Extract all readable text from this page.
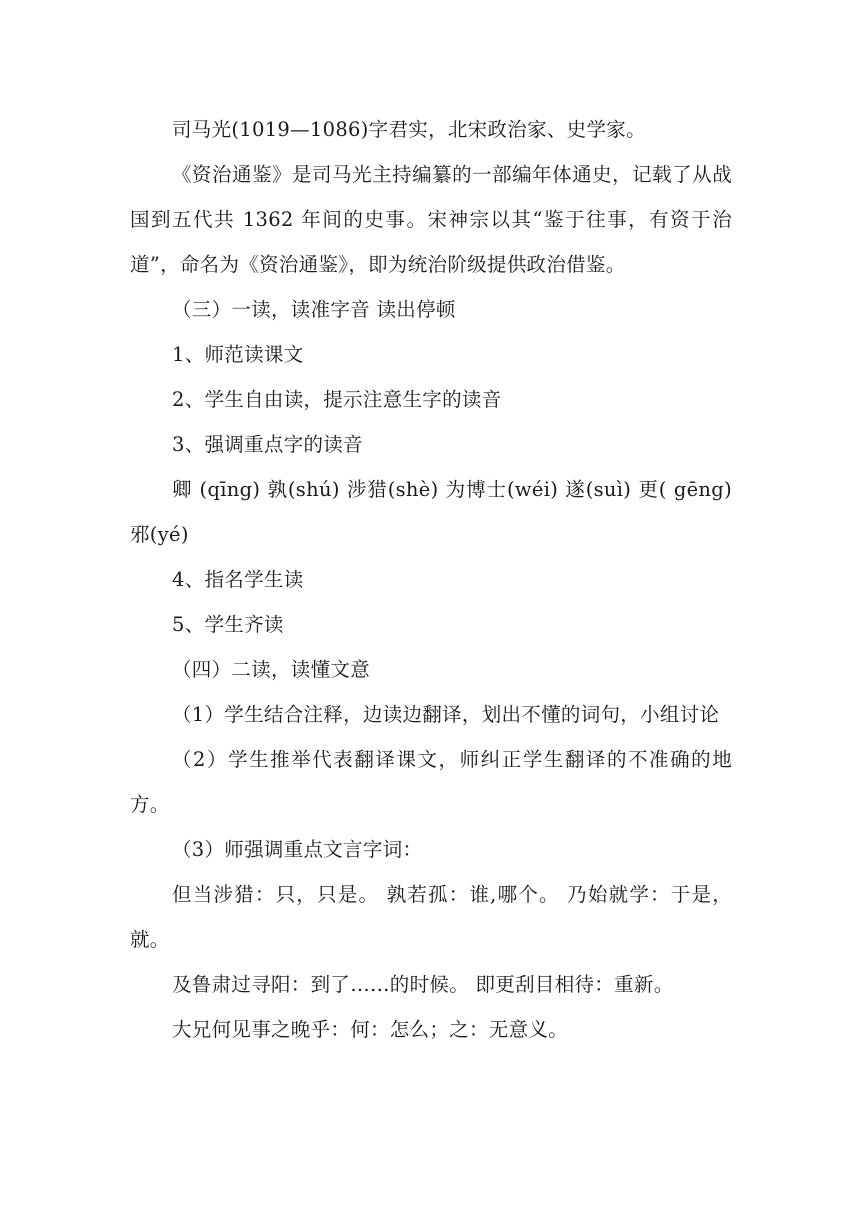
司马光(1019—1086)字君实，北宋政治家、史学家。

《资治通鉴》是司马光主持编纂的一部编年体通史，记载了从战国到五代共 1362 年间的史事。宋神宗以其“鉴于往事，有资于治道”，命名为《资治通鉴》，即为统治阶级提供政治借鉴。

（三）一读，读准字音 读出停顿

1、师范读课文

2、学生自由读，提示注意生字的读音

3、强调重点字的读音

卿 (qīng) 孰(shú) 涉猎(shè) 为博士(wéi) 遂(suì) 更( gēng) 邪(yé)

4、指名学生读

5、学生齐读

（四）二读，读懂文意

（1）学生结合注释，边读边翻译，划出不懂的词句，小组讨论

（2）学生推举代表翻译课文，师纠正学生翻译的不准确的地方。

（3）师强调重点文言字词：

但当涉猎：只，只是。 孰若孤：谁,哪个。 乃始就学：于是，就。

及鲁肃过寻阳：到了……的时候。 即更刮目相待：重新。

大兄何见事之晚乎：何：怎么；之：无意义。
